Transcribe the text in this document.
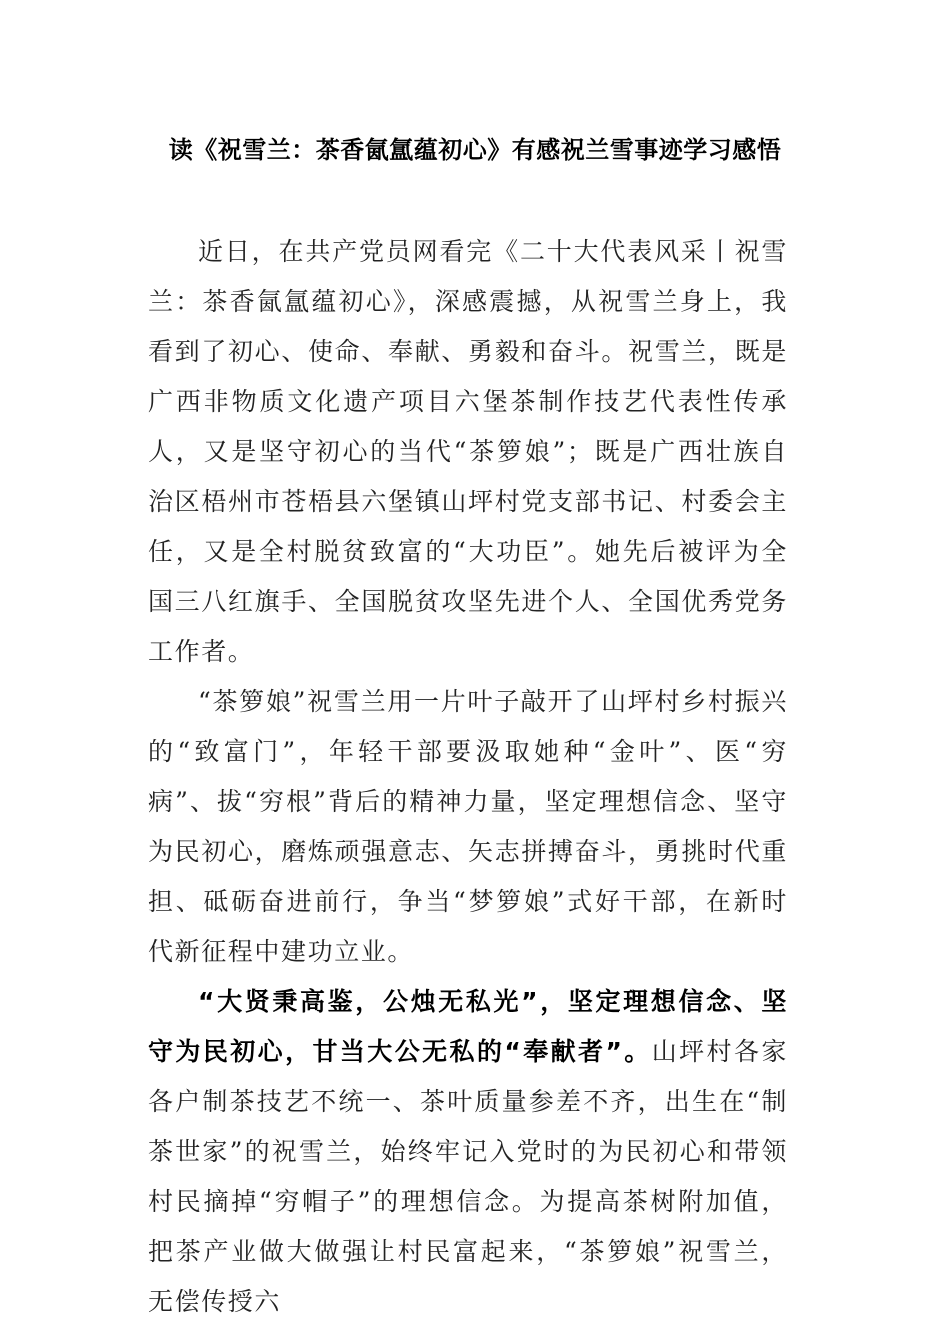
读《祝雪兰：茶香氤氲蕴初心》有感祝兰雪事迹学习感悟

近日，在共产党员网看完《二十大代表风采丨祝雪兰：茶香氤氲蕴初心》，深感震撼，从祝雪兰身上，我看到了初心、使命、奉献、勇毅和奋斗。祝雪兰，既是广西非物质文化遗产项目六堡茶制作技艺代表性传承人，又是坚守初心的当代“茶箩娘”；既是广西壮族自治区梧州市苍梧县六堡镇山坪村党支部书记、村委会主任，又是全村脱贫致富的“大功臣”。她先后被评为全国三八红旗手、全国脱贫攻坚先进个人、全国优秀党务工作者。

“茶箩娘”祝雪兰用一片叶子敲开了山坪村乡村振兴的“致富门”，年轻干部要汲取她种“金叶”、医“穷病”、拔“穷根”背后的精神力量，坚定理想信念、坚守为民初心，磨炼顽强意志、矢志拼搏奋斗，勇挑时代重担、砥砺奋进前行，争当“梦箩娘”式好干部，在新时代新征程中建功立业。

“大贤秉高鉴，公烛无私光”，坚定理想信念、坚守为民初心，甘当大公无私的“奉献者”。山坪村各家各户制茶技艺不统一、茶叶质量参差不齐，出生在“制茶世家”的祝雪兰，始终牢记入党时的为民初心和带领村民摘掉“穷帽子”的理想信念。为提高茶树附加值，把茶产业做大做强让村民富起来，“茶箩娘”祝雪兰，无偿传授六
